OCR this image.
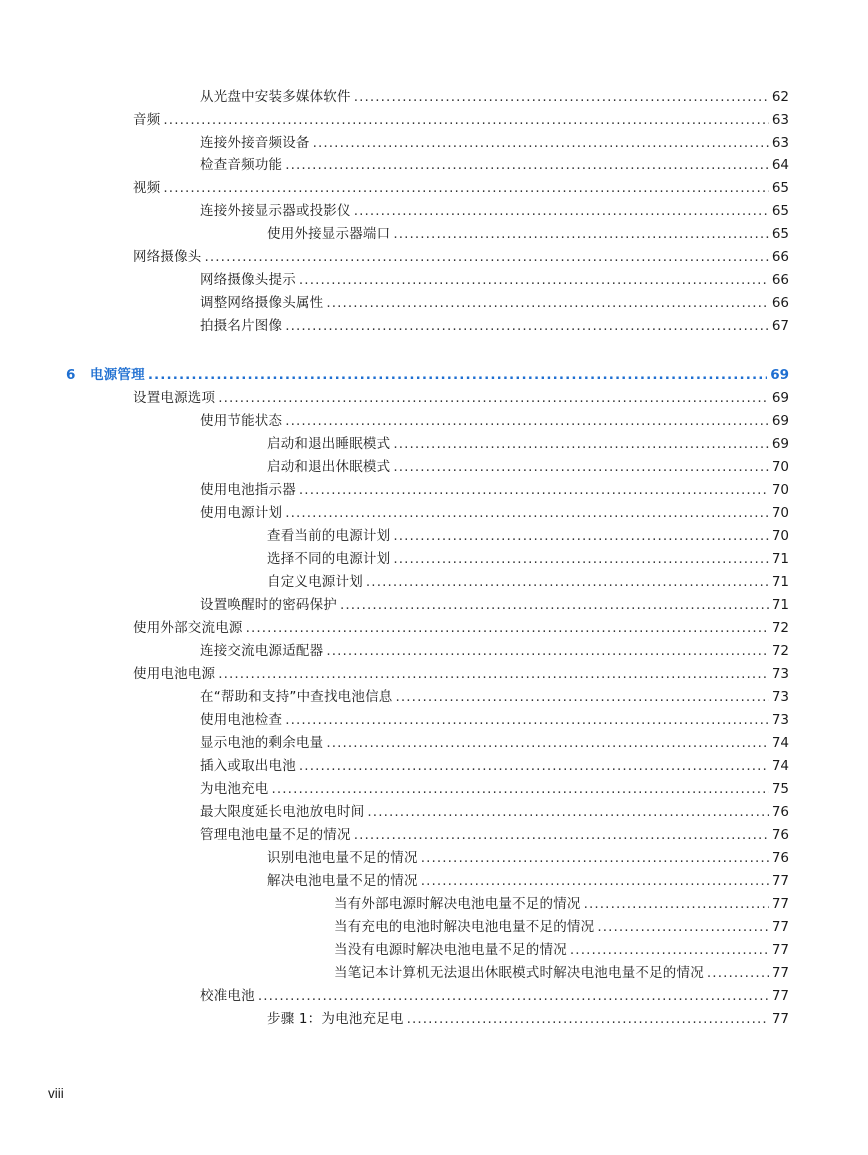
从光盘中安装多媒体软件 .....	62
音频 .....	63
连接外接音频设备 .....	63
检查音频功能 .....	64
视频 .....	65
连接外接显示器或投影仪 .....	65
使用外接显示器端口 .....	65
网络摄像头 .....	66
网络摄像头提示 .....	66
调整网络摄像头属性 .....	66
拍摄名片图像 .....	67
6 电源管理 .....	69
设置电源选项 .....	69
使用节能状态 .....	69
启动和退出睡眠模式 .....	69
启动和退出休眠模式 .....	70
使用电池指示器 .....	70
使用电源计划 .....	70
查看当前的电源计划 .....	70
选择不同的电源计划 .....	71
自定义电源计划 .....	71
设置唤醒时的密码保护 .....	71
使用外部交流电源 .....	72
连接交流电源适配器 .....	72
使用电池电源 .....	73
在“帮助和支持”中查找电池信息 .....	73
使用电池检查 .....	73
显示电池的剩余电量 .....	74
插入或取出电池 .....	74
为电池充电 .....	75
最大限度延长电池放电时间 .....	76
管理电池电量不足的情况 .....	76
识别电池电量不足的情况 .....	76
解决电池电量不足的情况 .....	77
当有外部电源时解决电池电量不足的情况 .....	77
当有充电的电池时解决电池电量不足的情况 .....	77
当没有电源时解决电池电量不足的情况 .....	77
当笔记本计算机无法退出休眠模式时解决电池电量不足的情况 .....	77
校准电池 .....	77
步骤 1：为电池充足电 .....	77
viii
